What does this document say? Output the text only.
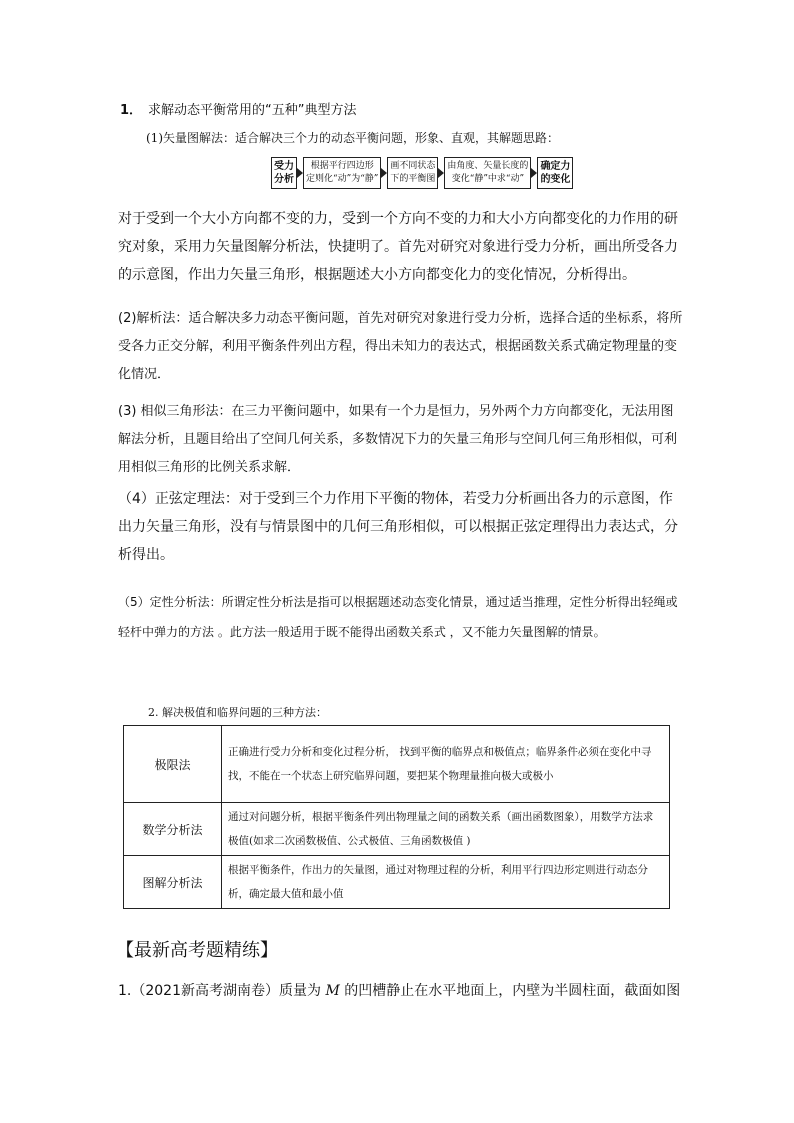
1． 求解动态平衡常用的“五种”典型方法
(1)矢量图解法：适合解决三个力的动态平衡问题，形象、直观，其解题思路：
受力
分析
根据平行四边形
定则化“动”为“静”
画不同状态
下的平衡图
由角度、矢量长度的
变化“静”中求“动”
确定力
的变化
对于受到一个大小方向都不变的力，受到一个方向不变的力和大小方向都变化的力作用的研究对象，采用力矢量图解分析法，快捷明了。首先对研究对象进行受力分析，画出所受各力的示意图，作出力矢量三角形，根据题述大小方向都变化力的变化情况，分析得出。
(2)解析法：适合解决多力动态平衡问题，首先对研究对象进行受力分析，选择合适的坐标系，将所受各力正交分解，利用平衡条件列出方程，得出未知力的表达式，根据函数关系式确定物理量的变化情况．
(3) 相似三角形法：在三力平衡问题中，如果有一个力是恒力，另外两个力方向都变化，无法用图解法分析，且题目给出了空间几何关系，多数情况下力的矢量三角形与空间几何三角形相似，可利用相似三角形的比例关系求解．
（4）正弦定理法：对于受到三个力作用下平衡的物体，若受力分析画出各力的示意图，作出力矢量三角形，没有与情景图中的几何三角形相似，可以根据正弦定理得出力表达式，分析得出。
（5）定性分析法：所谓定性分析法是指可以根据题述动态变化情景，通过适当推理，定性分析得出轻绳或轻杆中弹力的方法 。此方法一般适用于既不能得出函数关系式 ，又不能力矢量图解的情景。
2. 解决极值和临界问题的三种方法：
极限法	正确进行受力分析和变化过程分析， 找到平衡的临界点和极值点；临界条件必须在变化中寻找，不能在一个状态上研究临界问题，要把某个物理量推向极大或极小
数学分析法	通过对问题分析，根据平衡条件列出物理量之间的函数关系（画出函数图象），用数学方法求极值(如求二次函数极值、公式极值、三角函数极值 )
图解分析法	根据平衡条件，作出力的矢量图，通过对物理过程的分析，利用平行四边形定则进行动态分析，确定最大值和最小值
【最新高考题精练】
1.（2021新高考湖南卷）质量为 M 的凹槽静止在水平地面上，内壁为半圆柱面，截面如图
